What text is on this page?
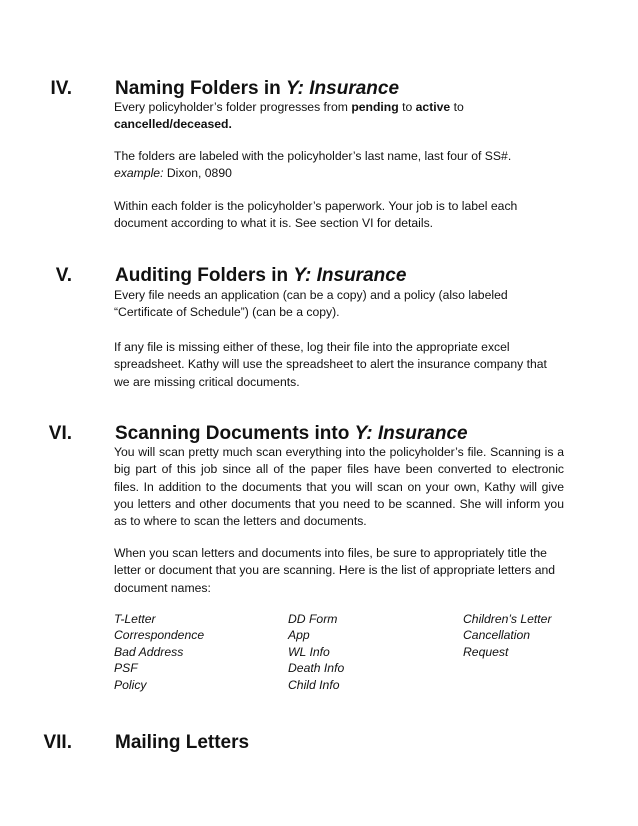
IV. Naming Folders in Y: Insurance

Every policyholder’s folder progresses from pending to active to
cancelled/deceased.

The folders are labeled with the policyholder’s last name, last four of SS#.
example: Dixon, 0890

Within each folder is the policyholder’s paperwork. Your job is to label each document according to what it is. See section VI for details.

V. Auditing Folders in Y: Insurance

Every file needs an application (can be a copy) and a policy (also labeled “Certificate of Schedule”) (can be a copy).

If any file is missing either of these, log their file into the appropriate excel spreadsheet. Kathy will use the spreadsheet to alert the insurance company that we are missing critical documents.

VI. Scanning Documents into Y: Insurance

You will scan pretty much scan everything into the policyholder’s file. Scanning is a big part of this job since all of the paper files have been converted to electronic files. In addition to the documents that you will scan on your own, Kathy will give you letters and other documents that you need to be scanned. She will inform you as to where to scan the letters and documents.

When you scan letters and documents into files, be sure to appropriately title the letter or document that you are scanning. Here is the list of appropriate letters and document names:

T-Letter
Correspondence
Bad Address
PSF
Policy
DD Form
App
WL Info
Death Info
Child Info
Children’s Letter
Cancellation
Request
VII. Mailing Letters
